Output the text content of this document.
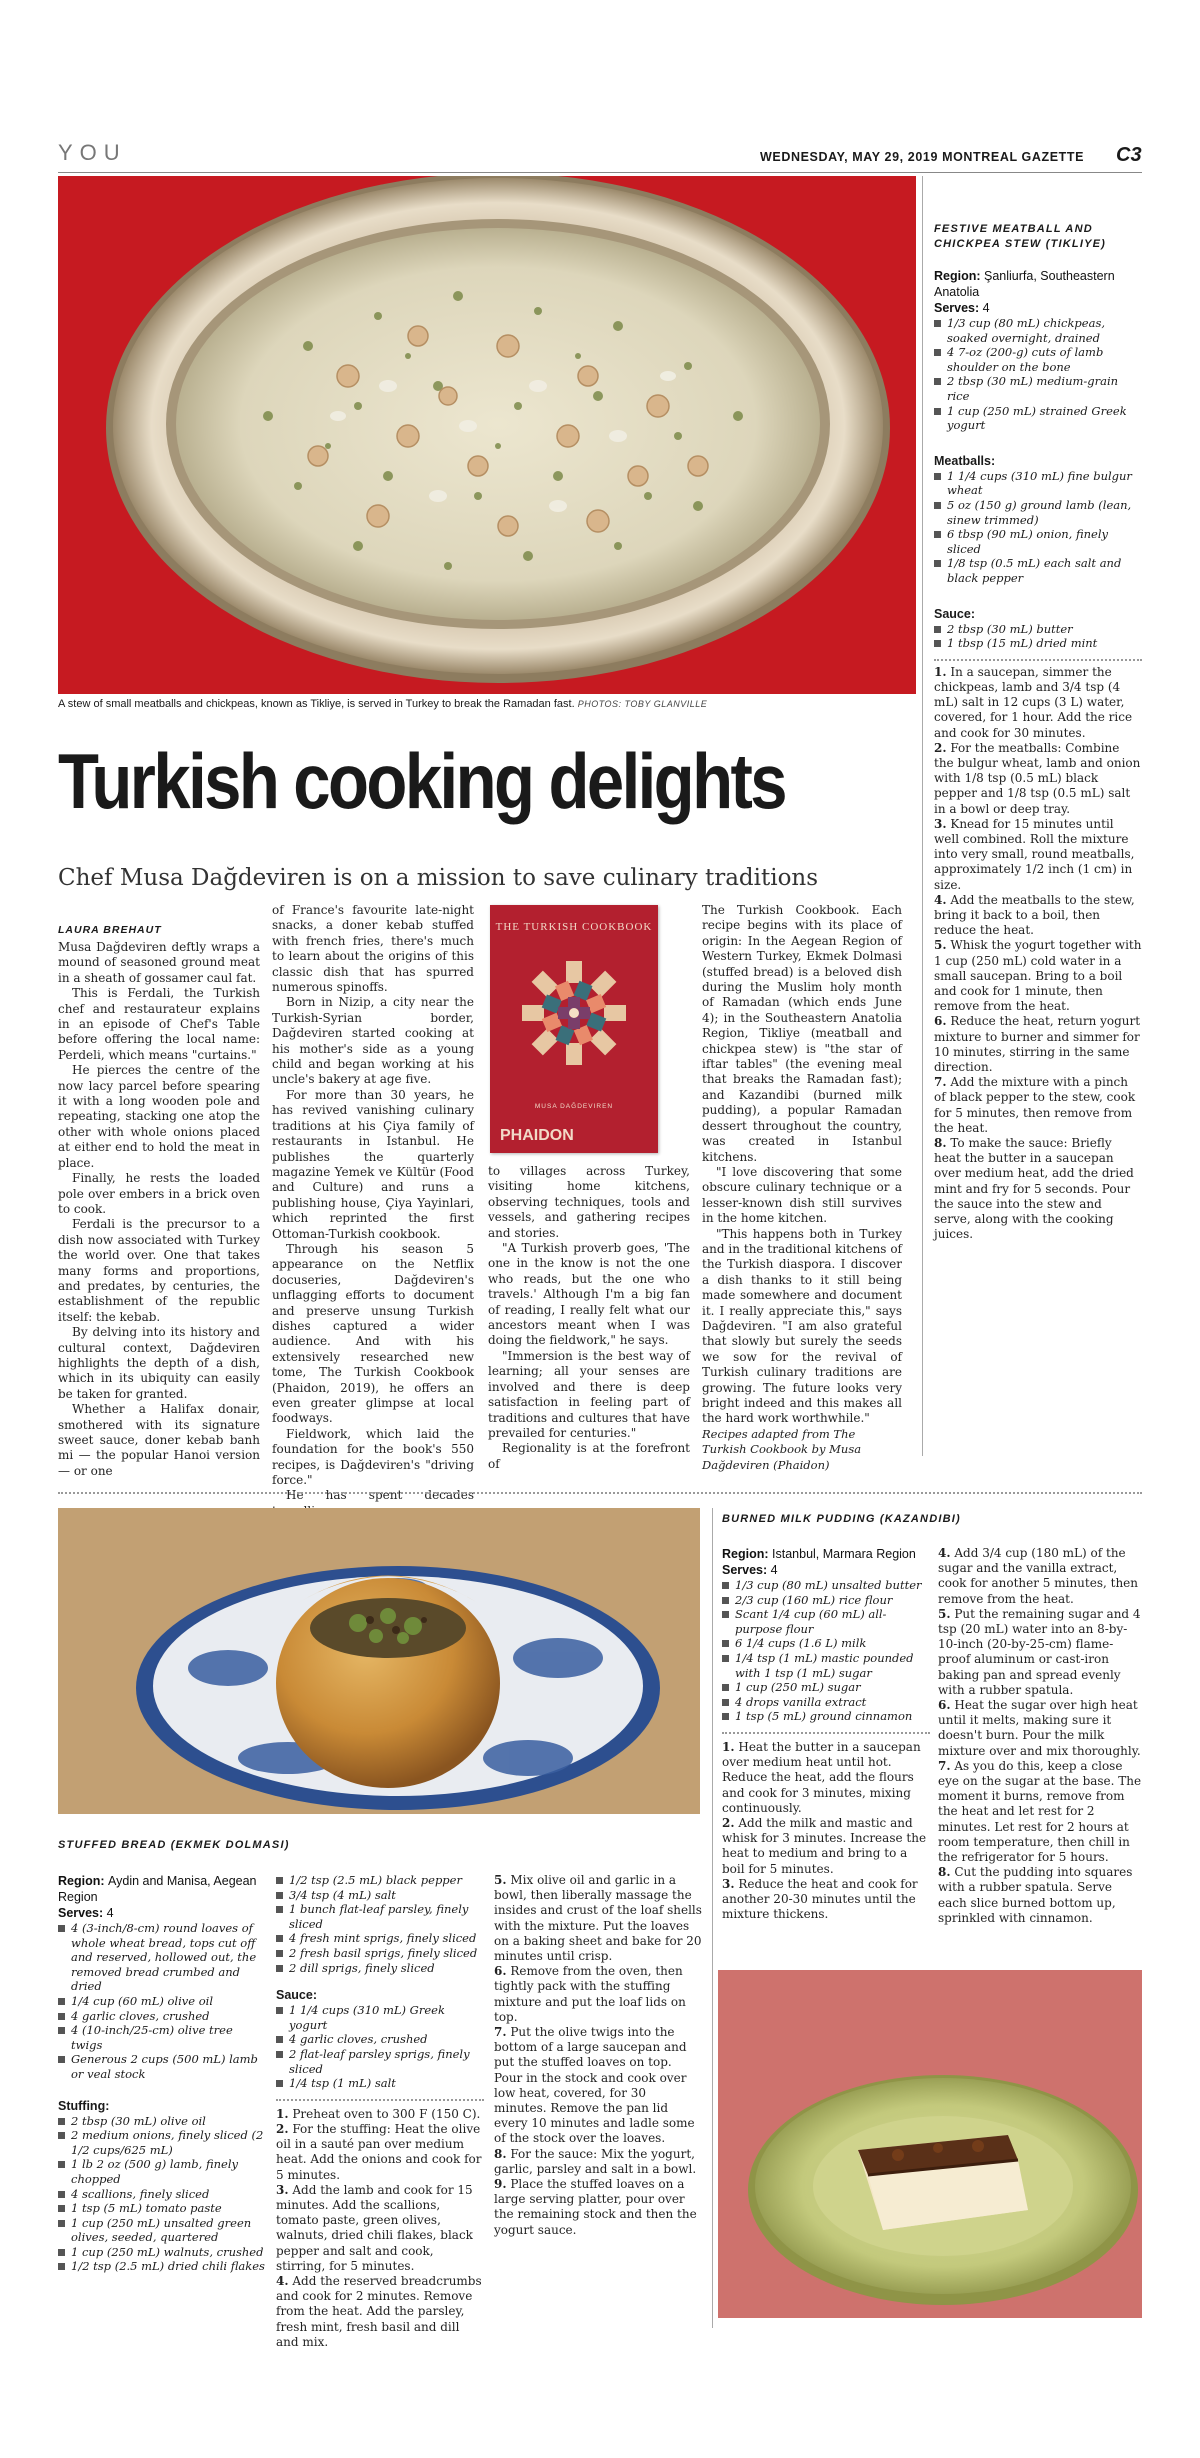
YOU	WEDNESDAY, MAY 29, 2019 MONTREAL GAZETTE C3
A stew of small meatballs and chickpeas, known as Tikliye, is served in Turkey to break the Ramadan fast. PHOTOS: TOBY GLANVILLE
Turkish cooking delights
Chef Musa Dağdeviren is on a mission to save culinary traditions
LAURA BREHAUT

Musa Dağdeviren deftly wraps a mound of seasoned ground meat in a sheath of gossamer caul fat.

This is Ferdali, the Turkish chef and restaurateur explains in an episode of Chef's Table before offering the local name: Perdeli, which means "curtains."

He pierces the centre of the now lacy parcel before spearing it with a long wooden pole and repeating, stacking one atop the other with whole onions placed at either end to hold the meat in place.

Finally, he rests the loaded pole over embers in a brick oven to cook.

Ferdali is the precursor to a dish now associated with Turkey the world over. One that takes many forms and proportions, and predates, by centuries, the establishment of the republic itself: the kebab.

By delving into its history and cultural context, Dağdeviren highlights the depth of a dish, which in its ubiquity can easily be taken for granted.

Whether a Halifax donair, smothered with its signature sweet sauce, doner kebab banh mi — the popular Hanoi version — or one

of France's favourite late-night snacks, a doner kebab stuffed with french fries, there's much to learn about the origins of this classic dish that has spurred numerous spinoffs.

Born in Nizip, a city near the Turkish-Syrian border, Dağdeviren started cooking at his mother's side as a young child and began working at his uncle's bakery at age five.

For more than 30 years, he has revived vanishing culinary traditions at his Çiya family of restaurants in Istanbul. He publishes the quarterly magazine Yemek ve Kültür (Food and Culture) and runs a publishing house, Çiya Yayinlari, which reprinted the first Ottoman-Turkish cookbook.

Through his season 5 appearance on the Netflix docuseries, Dağdeviren's unflagging efforts to document and preserve unsung Turkish dishes captured a wider audience. And with his extensively researched new tome, The Turkish Cookbook (Phaidon, 2019), he offers an even greater glimpse at local foodways.

Fieldwork, which laid the foundation for the book's 550 recipes, is Dağdeviren's "driving force."

He has spent decades

THE TURKISH COOKBOOK
MUSA DAĞDEVIREN
PHAIDON

to villages across Turkey, visiting home kitchens, observing techniques, tools and vessels, and gathering recipes and stories.

"A Turkish proverb goes, 'The one in the know is not the one who reads, but the one who travels.' Although I'm a big fan of reading, I really felt what our ancestors meant when I was doing the fieldwork," he says.

"Immersion is the best way of learning; all your senses are involved and there is deep satisfaction in feeling part of traditions and cultures that have prevailed for centuries."

Regionality is at the forefront of

The Turkish Cookbook. Each recipe begins with its place of origin: In the Aegean Region of Western Turkey, Ekmek Dolmasi (stuffed bread) is a beloved dish during the Muslim holy month of Ramadan (which ends June 4); in the Southeastern Anatolia Region, Tikliye (meatball and chickpea stew) is "the star of iftar tables" (the evening meal that breaks the Ramadan fast); and Kazandibi (burned milk pudding), a popular Ramadan dessert throughout the country, was created in Istanbul kitchens.

"I love discovering that some obscure culinary technique or a lesser-known dish still survives in the home kitchen.

"This happens both in Turkey and in the traditional kitchens of the Turkish diaspora. I discover a dish thanks to it still being made somewhere and document it. I really appreciate this," says Dağdeviren. "I am also grateful that slowly but surely the seeds we sow for the revival of Turkish culinary traditions are growing. The future looks very bright indeed and this makes all the hard work worthwhile."

Recipes adapted from The Turkish Cookbook by Musa Dağdeviren (Phaidon)

FESTIVE MEATBALL AND CHICKPEA STEW (TIKLIYE)
Region: Şanliurfa, Southeastern Anatolia
Serves: 4
1/3 cup (80 mL) chickpeas, soaked overnight, drained
4 7-oz (200-g) cuts of lamb shoulder on the bone
2 tbsp (30 mL) medium-grain rice
1 cup (250 mL) strained Greek yogurt
Meatballs:
1 1/4 cups (310 mL) fine bulgur wheat
5 oz (150 g) ground lamb (lean, sinew trimmed)
6 tbsp (90 mL) onion, finely sliced
1/8 tsp (0.5 mL) each salt and black pepper
Sauce:
2 tbsp (30 mL) butter
1 tbsp (15 mL) dried mint

1. In a saucepan, simmer the chickpeas, lamb and 3/4 tsp (4 mL) salt in 12 cups (3 L) water, covered, for 1 hour. Add the rice and cook for 30 minutes.

2. For the meatballs: Combine the bulgur wheat, lamb and onion with 1/8 tsp (0.5 mL) black pepper and 1/8 tsp (0.5 mL) salt in a bowl or deep tray.

3. Knead for 15 minutes until well combined. Roll the mixture into very small, round meatballs, approximately 1/2 inch (1 cm) in size.

4. Add the meatballs to the stew, bring it back to a boil, then reduce the heat.

5. Whisk the yogurt together with 1 cup (250 mL) cold water in a small saucepan. Bring to a boil and cook for 1 minute, then remove from the heat.

6. Reduce the heat, return yogurt mixture to burner and simmer for 10 minutes, stirring in the same direction.

7. Add the mixture with a pinch of black pepper to the stew, cook for 5 minutes, then remove from the heat.

8. To make the sauce: Briefly heat the butter in a saucepan over medium heat, add the dried mint and fry for 5 seconds. Pour the sauce into the stew and serve, along with the cooking juices.

STUFFED BREAD (EKMEK DOLMASI)
Region: Aydin and Manisa, Aegean Region
Serves: 4
4 (3-inch/8-cm) round loaves of whole wheat bread, tops cut off and reserved, hollowed out, the removed bread crumbed and dried
1/4 cup (60 mL) olive oil
4 garlic cloves, crushed
4 (10-inch/25-cm) olive tree twigs
Generous 2 cups (500 mL) lamb or veal stock
Stuffing:
2 tbsp (30 mL) olive oil
2 medium onions, finely sliced (2 1/2 cups/625 mL)
1 lb 2 oz (500 g) lamb, finely chopped
4 scallions, finely sliced
1 tsp (5 mL) tomato paste
1 cup (250 mL) unsalted green olives, seeded, quartered
1 cup (250 mL) walnuts, crushed
1/2 tsp (2.5 mL) dried chili flakes
1/2 tsp (2.5 mL) black pepper
3/4 tsp (4 mL) salt
1 bunch flat-leaf parsley, finely sliced
4 fresh mint sprigs, finely sliced
2 fresh basil sprigs, finely sliced
2 dill sprigs, finely sliced
Sauce:
1 1/4 cups (310 mL) Greek yogurt
4 garlic cloves, crushed
2 flat-leaf parsley sprigs, finely sliced
1/4 tsp (1 mL) salt

1. Preheat oven to 300 F (150 C).

2. For the stuffing: Heat the olive oil in a sauté pan over medium heat. Add the onions and cook for 5 minutes.

3. Add the lamb and cook for 15 minutes. Add the scallions, tomato paste, green olives, walnuts, dried chili flakes, black pepper and salt and cook, stirring, for 5 minutes.

4. Add the reserved breadcrumbs and cook for 2 minutes. Remove from the heat. Add the parsley, fresh mint, fresh basil and dill and mix.

5. Mix olive oil and garlic in a bowl, then liberally massage the insides and crust of the loaf shells with the mixture. Put the loaves on a baking sheet and bake for 20 minutes until crisp.

6. Remove from the oven, then tightly pack with the stuffing mixture and put the loaf lids on top.

7. Put the olive twigs into the bottom of a large saucepan and put the stuffed loaves on top. Pour in the stock and cook over low heat, covered, for 30 minutes. Remove the pan lid every 10 minutes and ladle some of the stock over the loaves.

8. For the sauce: Mix the yogurt, garlic, parsley and salt in a bowl.

9. Place the stuffed loaves on a large serving platter, pour over the remaining stock and then the yogurt sauce.

BURNED MILK PUDDING (KAZANDIBI)
Region: Istanbul, Marmara Region
Serves: 4
1/3 cup (80 mL) unsalted butter
2/3 cup (160 mL) rice flour
Scant 1/4 cup (60 mL) all-purpose flour
6 1/4 cups (1.6 L) milk
1/4 tsp (1 mL) mastic pounded with 1 tsp (1 mL) sugar
1 cup (250 mL) sugar
4 drops vanilla extract
1 tsp (5 mL) ground cinnamon

1. Heat the butter in a saucepan over medium heat until hot. Reduce the heat, add the flours and cook for 3 minutes, mixing continuously.

2. Add the milk and mastic and whisk for 3 minutes. Increase the heat to medium and bring to a boil for 5 minutes.

3. Reduce the heat and cook for another 20-30 minutes until the mixture thickens.

4. Add 3/4 cup (180 mL) of the sugar and the vanilla extract, cook for another 5 minutes, then remove from the heat.

5. Put the remaining sugar and 4 tsp (20 mL) water into an 8-by-10-inch (20-by-25-cm) flame-proof aluminum or cast-iron baking pan and spread evenly with a rubber spatula.

6. Heat the sugar over high heat until it melts, making sure it doesn't burn. Pour the milk mixture over and mix thoroughly.

7. As you do this, keep a close eye on the sugar at the base. The moment it burns, remove from the heat and let rest for 2 minutes. Let rest for 2 hours at room temperature, then chill in the refrigerator for 5 hours.

8. Cut the pudding into squares with a rubber spatula. Serve each slice burned bottom up, sprinkled with cinnamon.
